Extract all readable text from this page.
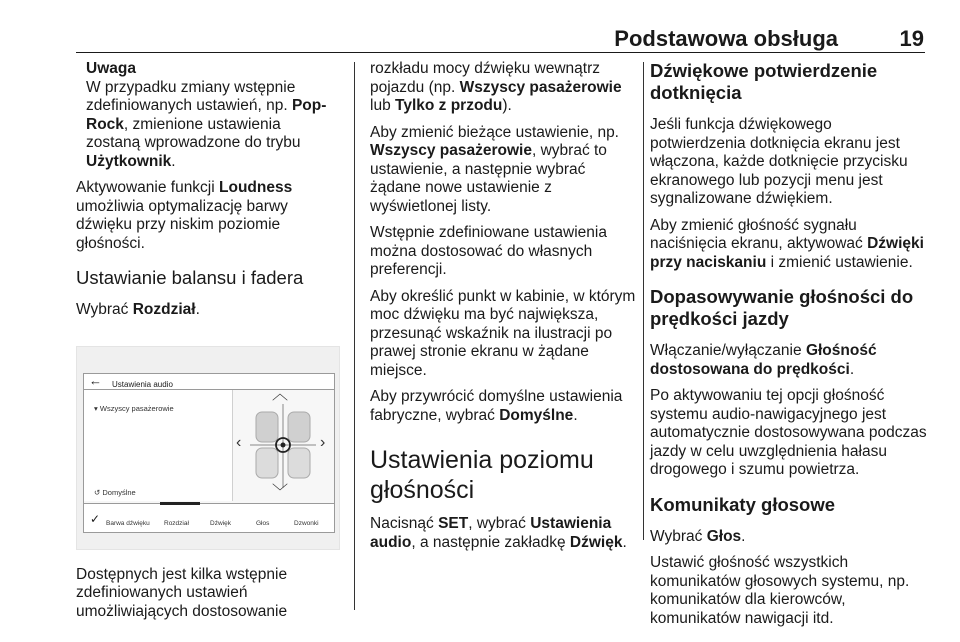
Podstawowa obsługa	19
Uwaga
W przypadku zmiany wstępnie zdefiniowanych ustawień, np. Pop-Rock, zmienione ustawienia zostaną wprowadzone do trybu Użytkownik.

Aktywowanie funkcji Loudness umożliwia optymalizację barwy dźwięku przy niskim poziomie głośności.

Ustawianie balansu i fadera

Wybrać Rozdział.

← Ustawienia audio
▾ Wszyscy pasażerowie
↺ Domyślne
︿
﹀
‹	›
✓ Barwa dźwięku Rozdział	Dźwięk	Głos	Dzwonki

Dostępnych jest kilka wstępnie zdefiniowanych ustawień umożliwiających dostosowanie

rozkładu mocy dźwięku wewnątrz pojazdu (np. Wszyscy pasażerowie lub Tylko z przodu).

Aby zmienić bieżące ustawienie, np. Wszyscy pasażerowie, wybrać to ustawienie, a następnie wybrać żądane nowe ustawienie z wyświetlonej listy.

Wstępnie zdefiniowane ustawienia można dostosować do własnych preferencji.

Aby określić punkt w kabinie, w którym moc dźwięku ma być największa, przesunąć wskaźnik na ilustracji po prawej stronie ekranu w żądane miejsce.

Aby przywrócić domyślne ustawienia fabryczne, wybrać Domyślne.

Ustawienia poziomu głośności

Nacisnąć SET, wybrać Ustawienia audio, a następnie zakładkę Dźwięk.

Dźwiękowe potwierdzenie dotknięcia

Jeśli funkcja dźwiękowego potwierdzenia dotknięcia ekranu jest włączona, każde dotknięcie przycisku ekranowego lub pozycji menu jest sygnalizowane dźwiękiem.

Aby zmienić głośność sygnału naciśnięcia ekranu, aktywować Dźwięki przy naciskaniu i zmienić ustawienie.

Dopasowywanie głośności do prędkości jazdy

Włączanie/wyłączanie Głośność dostosowana do prędkości.

Po aktywowaniu tej opcji głośność systemu audio-nawigacyjnego jest automatycznie dostosowywana podczas jazdy w celu uwzględnienia hałasu drogowego i szumu powietrza.

Komunikaty głosowe

Wybrać Głos.

Ustawić głośność wszystkich komunikatów głosowych systemu, np. komunikatów dla kierowców, komunikatów nawigacji itd.
